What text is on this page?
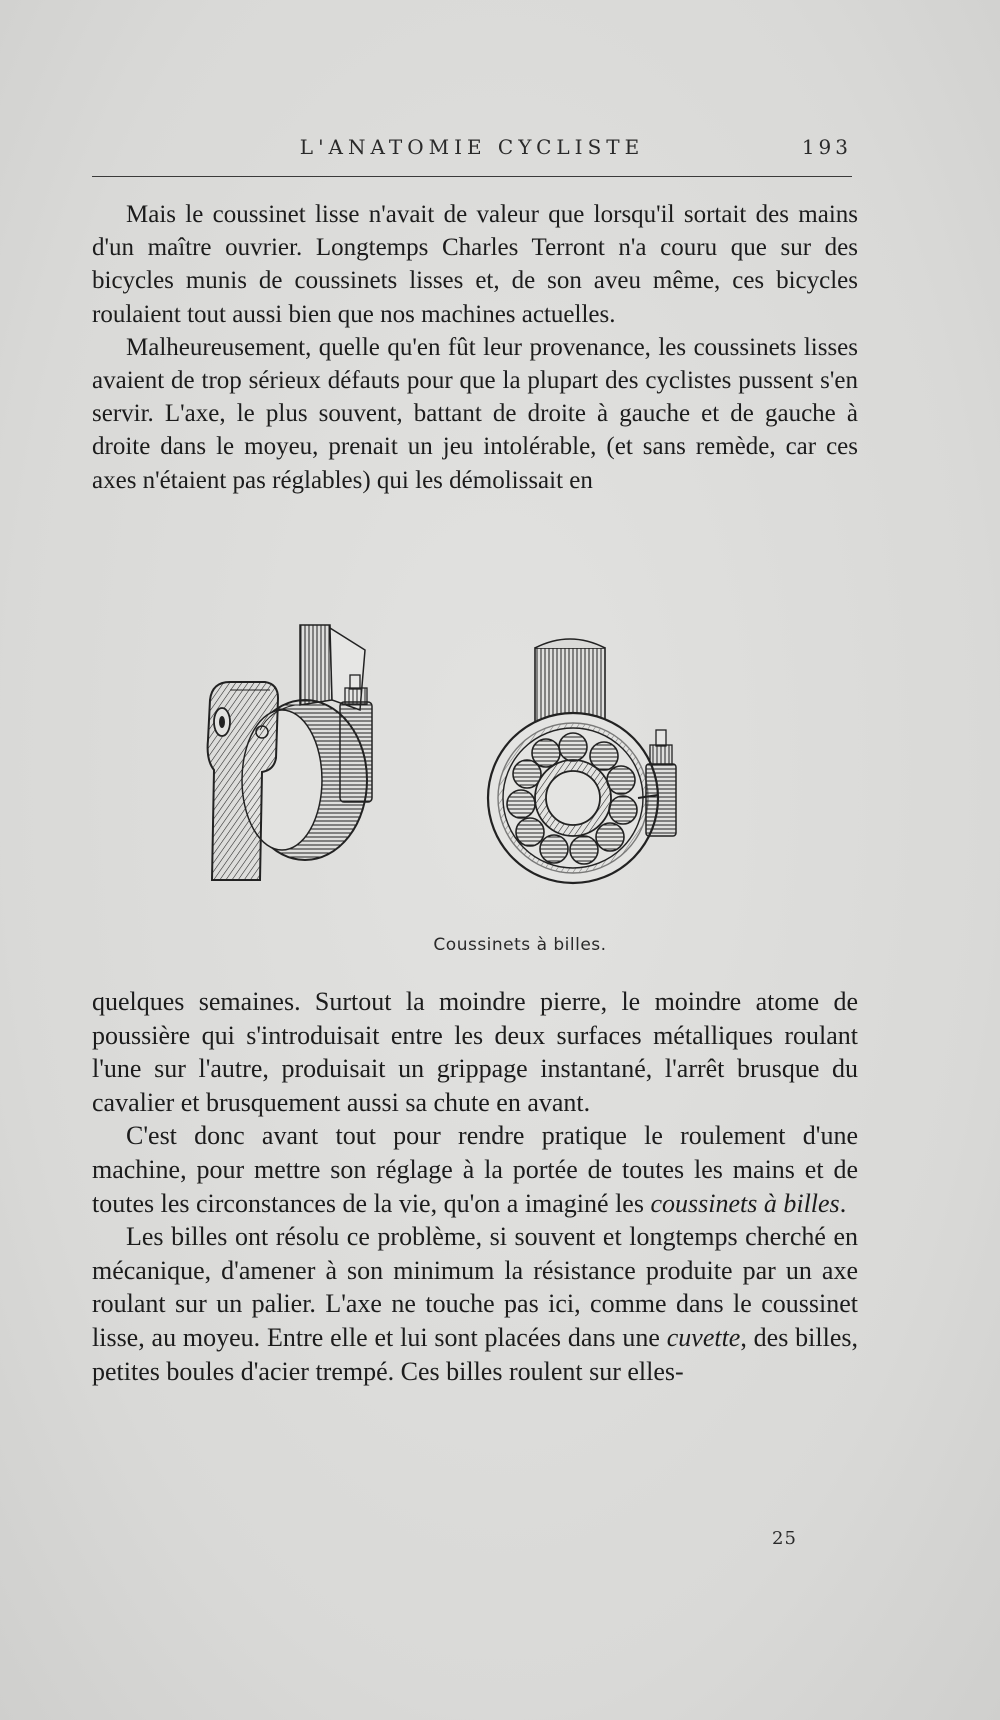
L'ANATOMIE CYCLISTE	193

Mais le coussinet lisse n'avait de valeur que lorsqu'il sortait des mains d'un maître ouvrier. Longtemps Charles Terront n'a couru que sur des bicycles munis de coussinets lisses et, de son aveu même, ces bicycles roulaient tout aussi bien que nos machines actuelles.

Malheureusement, quelle qu'en fût leur provenance, les coussinets lisses avaient de trop sérieux défauts pour que la plupart des cyclistes pussent s'en servir. L'axe, le plus souvent, battant de droite à gauche et de gauche à droite dans le moyeu, prenait un jeu intolérable, (et sans remède, car ces axes n'étaient pas réglables) qui les démolissait en

Coussinets à billes.

quelques semaines. Surtout la moindre pierre, le moindre atome de poussière qui s'introduisait entre les deux surfaces métalliques roulant l'une sur l'autre, produisait un grippage instantané, l'arrêt brusque du cavalier et brusquement aussi sa chute en avant.

C'est donc avant tout pour rendre pratique le roulement d'une machine, pour mettre son réglage à la portée de toutes les mains et de toutes les circonstances de la vie, qu'on a imaginé les coussinets à billes.

Les billes ont résolu ce problème, si souvent et longtemps cherché en mécanique, d'amener à son minimum la résistance produite par un axe roulant sur un palier. L'axe ne touche pas ici, comme dans le coussinet lisse, au moyeu. Entre elle et lui sont placées dans une cuvette, des billes, petites boules d'acier trempé. Ces billes roulent sur elles-

25
